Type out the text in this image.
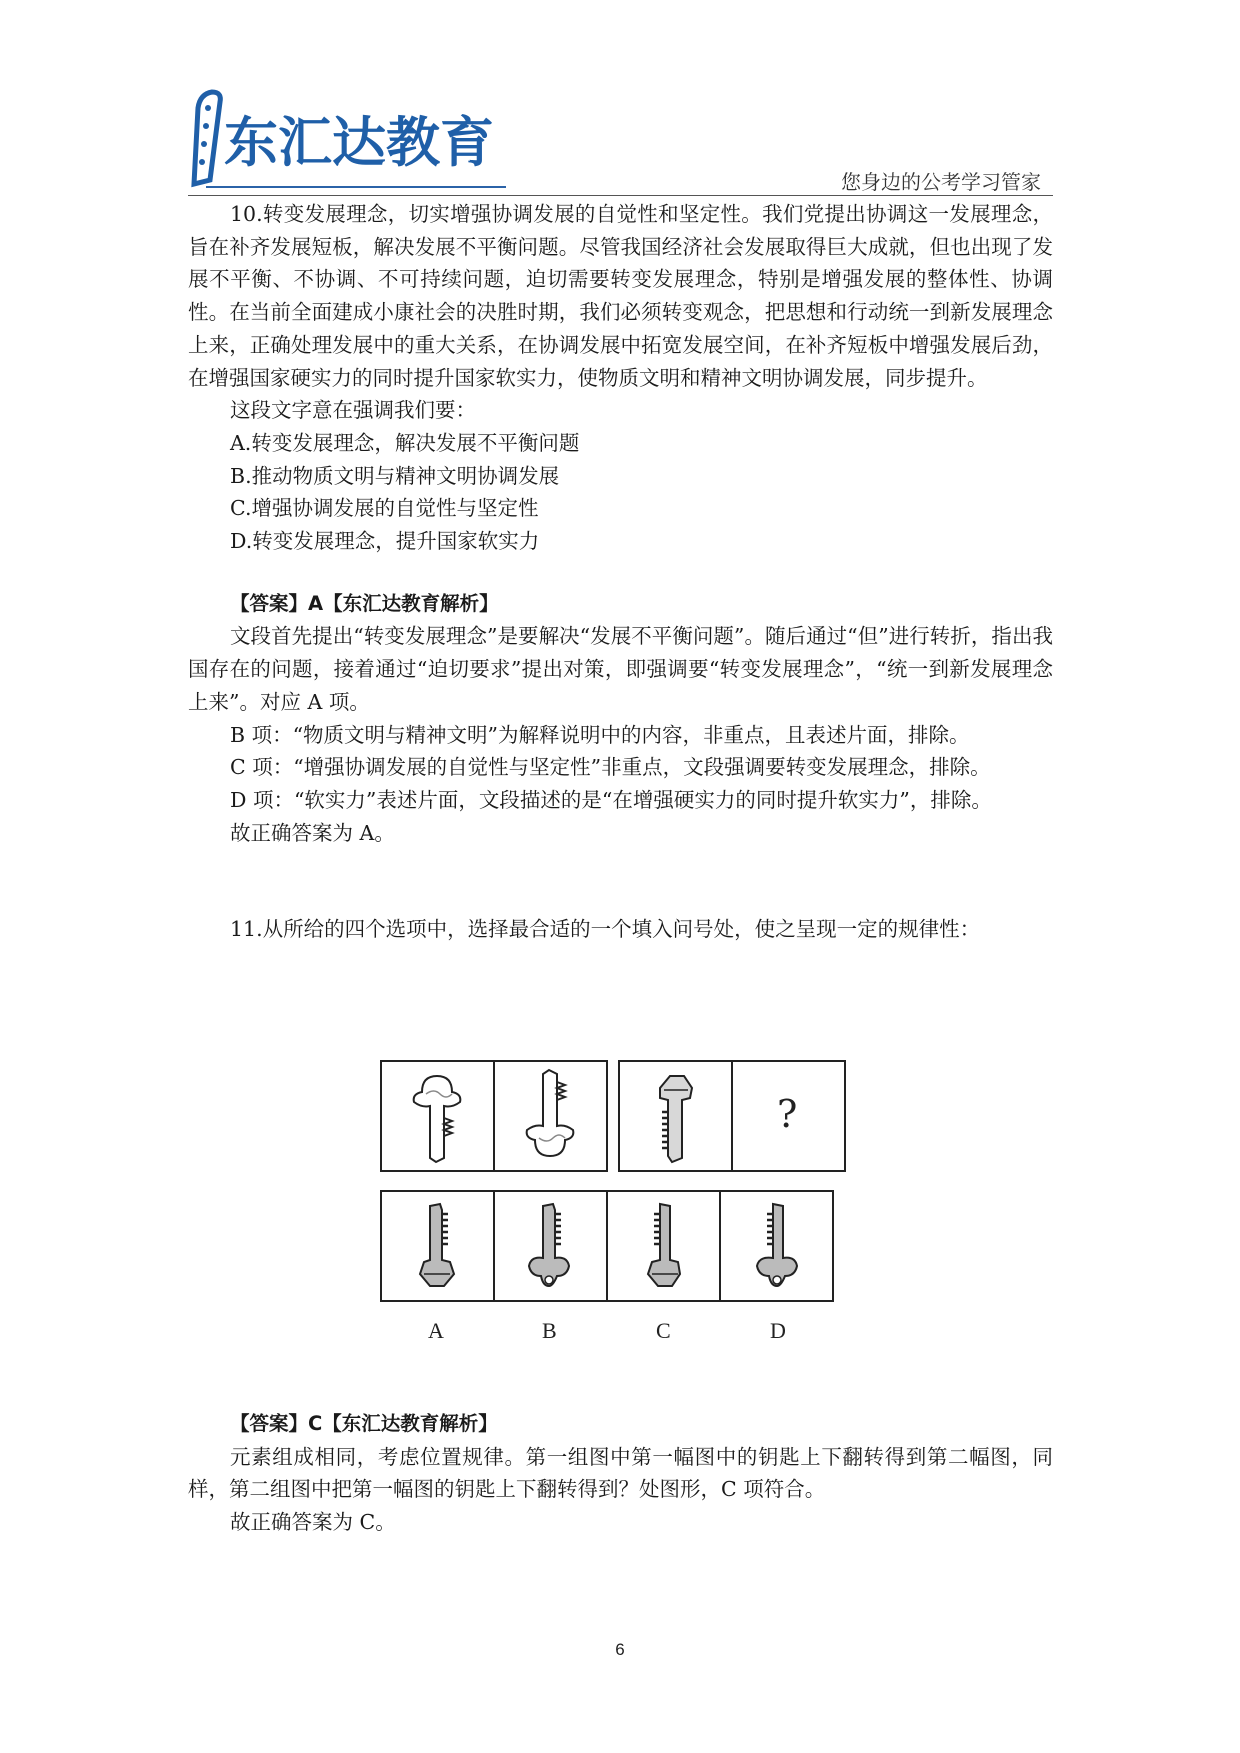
东汇达教育
您身边的公考学习管家

10.转变发展理念，切实增强协调发展的自觉性和坚定性。我们党提出协调这一发展理念，旨在补齐发展短板，解决发展不平衡问题。尽管我国经济社会发展取得巨大成就，但也出现了发展不平衡、不协调、不可持续问题，迫切需要转变发展理念，特别是增强发展的整体性、协调性。在当前全面建成小康社会的决胜时期，我们必须转变观念，把思想和行动统一到新发展理念上来，正确处理发展中的重大关系，在协调发展中拓宽发展空间，在补齐短板中增强发展后劲，在增强国家硬实力的同时提升国家软实力，使物质文明和精神文明协调发展，同步提升。

这段文字意在强调我们要：

A.转变发展理念，解决发展不平衡问题

B.推动物质文明与精神文明协调发展

C.增强协调发展的自觉性与坚定性

D.转变发展理念，提升国家软实力

【答案】A【东汇达教育解析】

文段首先提出“转变发展理念”是要解决“发展不平衡问题”。随后通过“但”进行转折，指出我国存在的问题，接着通过“迫切要求”提出对策，即强调要“转变发展理念”，“统一到新发展理念上来”。对应 A 项。

B 项：“物质文明与精神文明”为解释说明中的内容，非重点，且表述片面，排除。

C 项：“增强协调发展的自觉性与坚定性”非重点，文段强调要转变发展理念，排除。

D 项：“软实力”表述片面，文段描述的是“在增强硬实力的同时提升软实力”，排除。

故正确答案为 A。

11.从所给的四个选项中，选择最合适的一个填入问号处，使之呈现一定的规律性：

?
A	B	C	D

【答案】C【东汇达教育解析】

元素组成相同，考虑位置规律。第一组图中第一幅图中的钥匙上下翻转得到第二幅图，同样，第二组图中把第一幅图的钥匙上下翻转得到？处图形，C 项符合。

故正确答案为 C。

6
